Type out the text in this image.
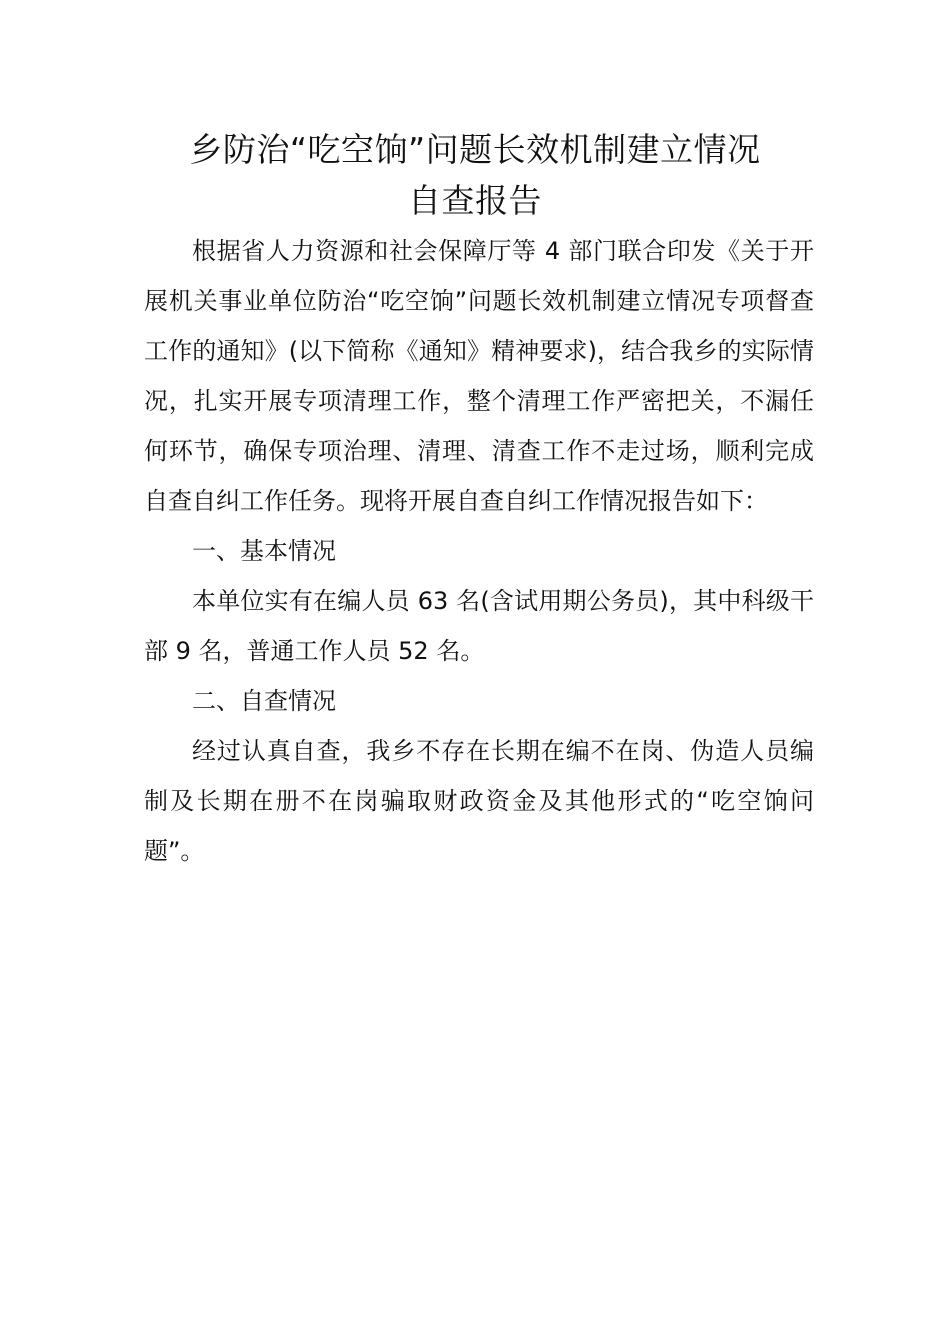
乡防治“吃空饷”问题长效机制建立情况
自查报告

根据省人力资源和社会保障厅等 4 部门联合印发《关于开展机关事业单位防治“吃空饷”问题长效机制建立情况专项督查工作的通知》(以下简称《通知》精神要求)，结合我乡的实际情况，扎实开展专项清理工作，整个清理工作严密把关，不漏任何环节，确保专项治理、清理、清查工作不走过场，顺利完成自查自纠工作任务。现将开展自查自纠工作情况报告如下：

一、基本情况

本单位实有在编人员 63 名(含试用期公务员)，其中科级干部 9 名，普通工作人员 52 名。

二、自查情况

经过认真自查，我乡不存在长期在编不在岗、伪造人员编制及长期在册不在岗骗取财政资金及其他形式的“吃空饷问题”。
